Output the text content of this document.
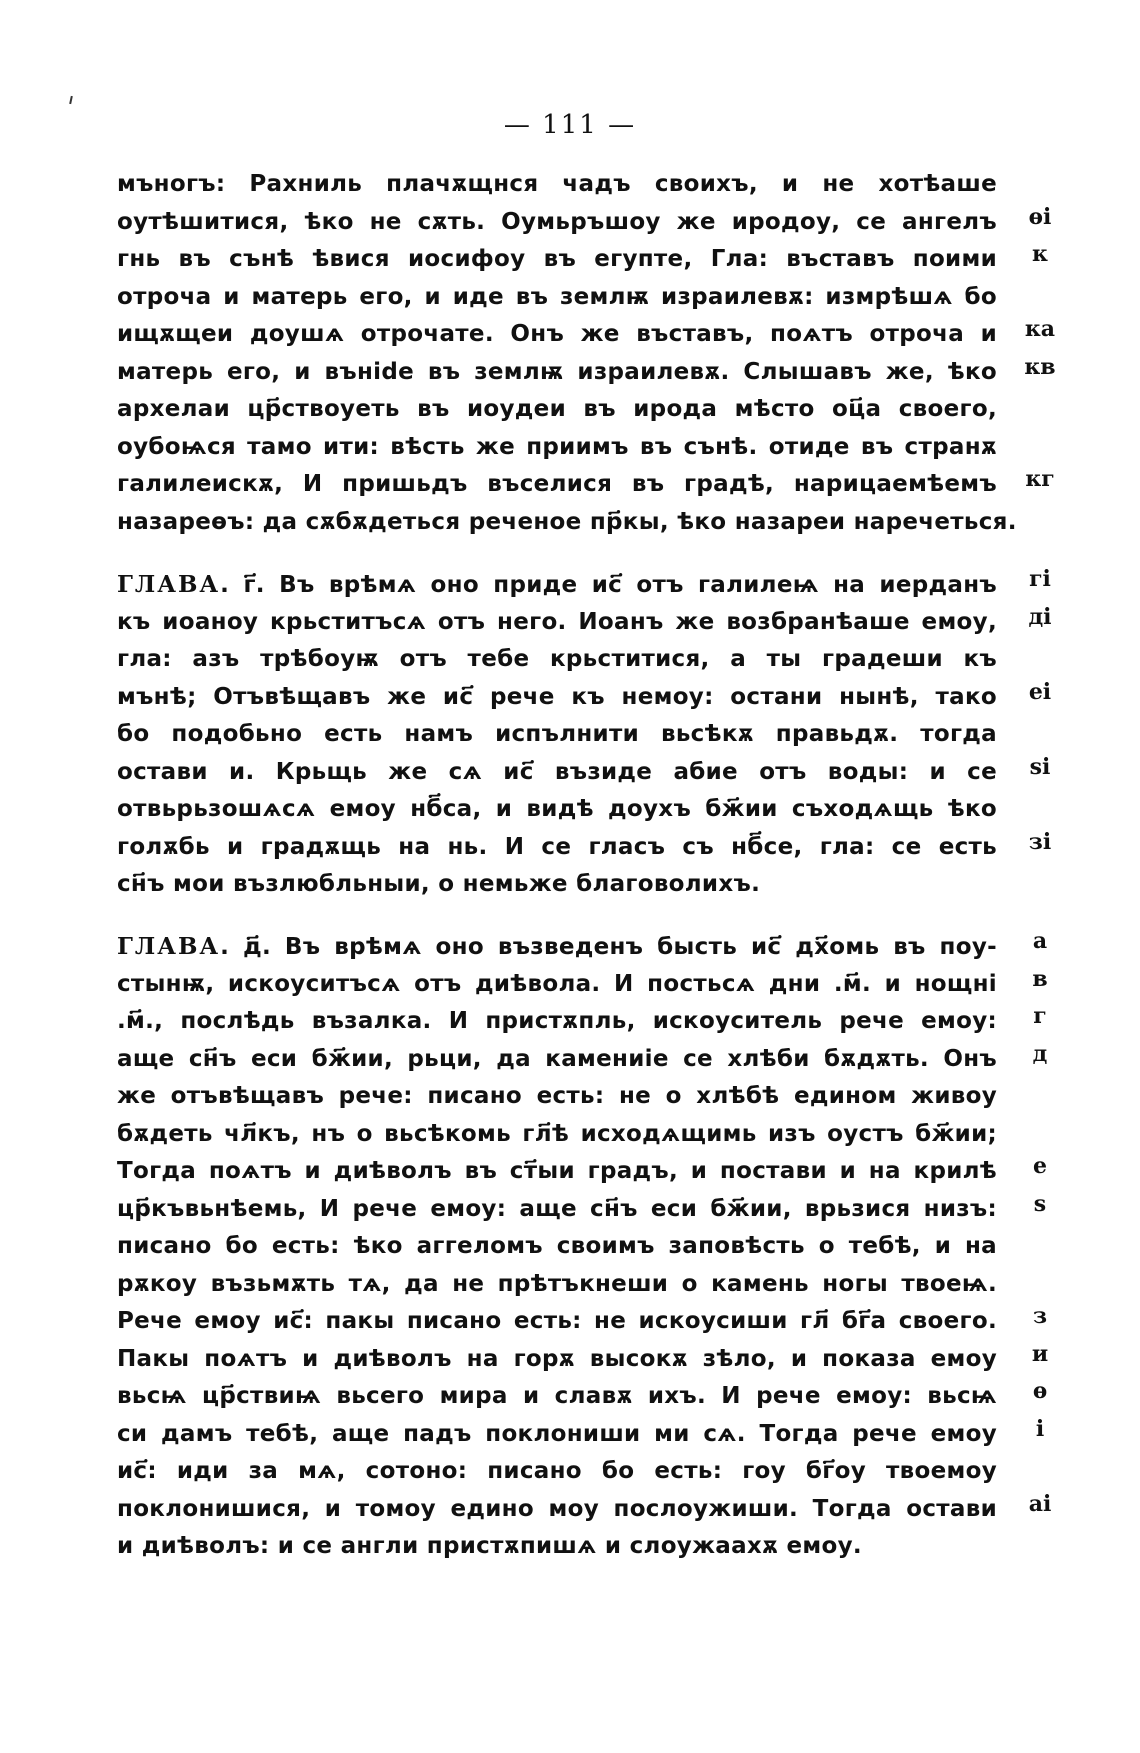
— 111 —
мъногъ: Рахниль плачѫщнся чадъ своихъ, и не хотѣаше
оутѣшитися, ѣко не сѫть. Оумьръшоу же иродоу, се ангелъ
гнь въ сънѣ ѣвися иосифоу въ егупте, Гла: въставъ поими
отроча и матерь его, и иде въ землѭ израилевѫ: измрѣшѧ бо
ищѫщеи доушѧ отрочате. Онъ же въставъ, поѧтъ отроча и
матерь его, и вънide въ землѭ израилевѫ. Слышавъ же, ѣко
архелаи цр҃ствоуеть въ иоудеи въ ирода мѣсто оц҃а своего,
оубоѩся тамо ити: вѣсть же приимъ въ сънѣ. отиде въ странѫ
галилеискѫ, И пришьдъ въселися въ градѣ, нарицаемѣемъ
назареѳъ: да сѫбѫдеться реченое пр҃кы, ѣко назареи наречеться.
ѳі
к
ка
кв
кг
ГЛАВА. г҃. Въ врѣмѧ оно приде ис҃ отъ галилеѩ на иерданъ
къ иоаноу крьститъсѧ отъ него. Иоанъ же возбранѣаше емоу,
гла: азъ трѣбоуѭ отъ тебе крьститися, а ты градеши къ
мънѣ; Отъвѣщавъ же ис҃ рече къ немоу: остани нынѣ, тако
бо подобьно есть намъ испълнити вьсѣкѫ правьдѫ. тогда
остави и. Крьщь же сѧ ис҃ възиде абие отъ воды: и се
отвьрьзошѧсѧ емоу нб҃са, и видѣ доухъ бж҃ии съходѧщь ѣко
голѫбь и градѫщь на нь. И се гласъ съ нб҃се, гла: се есть
сн҃ъ мои възлюбльныи, о немьже благоволихъ.
гі
ді
еі
ѕі
зі
ГЛАВА. д҃. Въ врѣмѧ оно възведенъ бысть ис҃ дх҃омь въ поу-
стынѭ, искоуситъсѧ отъ диѣвола. И постьсѧ дни .м҃. и нощні
.м҃., послѣдь възалка. И пристѫпль, искоуситель рече емоу:
аще сн҃ъ еси бж҃ии, рьци, да камениіе се хлѣби бѫдѫть. Онъ
же отъвѣщавъ рече: писано есть: не о хлѣбѣ едином живоу
бѫдеть чл҃къ, нъ о вьсѣкомь гл҃ѣ исходѧщимь изъ оустъ бж҃ии;
Тогда поѧтъ и диѣволъ въ ст҃ыи градъ, и постави и на крилѣ
цр҃къвьнѣемь, И рече емоу: аще сн҃ъ еси бж҃ии, врьзися низъ:
писано бо есть: ѣко аггеломъ своимъ заповѣсть о тебѣ, и на
рѫкоу възьмѫть тѧ, да не прѣтъкнеши о камень ногы твоеѩ.
Рече емоу ис҃: пакы писано есть: не искоусиши гл҃ бг҃а своего.
Пакы поѧтъ и диѣволъ на горѫ высокѫ зѣло, и показа емоу
вьсѩ цр҃ствиѩ вьсего мира и славѫ ихъ. И рече емоу: вьсѩ
си дамъ тебѣ, аще падъ поклониши ми сѧ. Тогда рече емоу
ис҃: иди за мѧ, сотоно: писано бо есть: гоу бг҃оу твоемоу
поклонишися, и томоу едино моу послоужиши. Тогда остави
и диѣволъ: и се англи пристѫпишѧ и слоужаахѫ емоу.
а
в
г
д
е
ѕ
з
и
ѳ
і
аі
